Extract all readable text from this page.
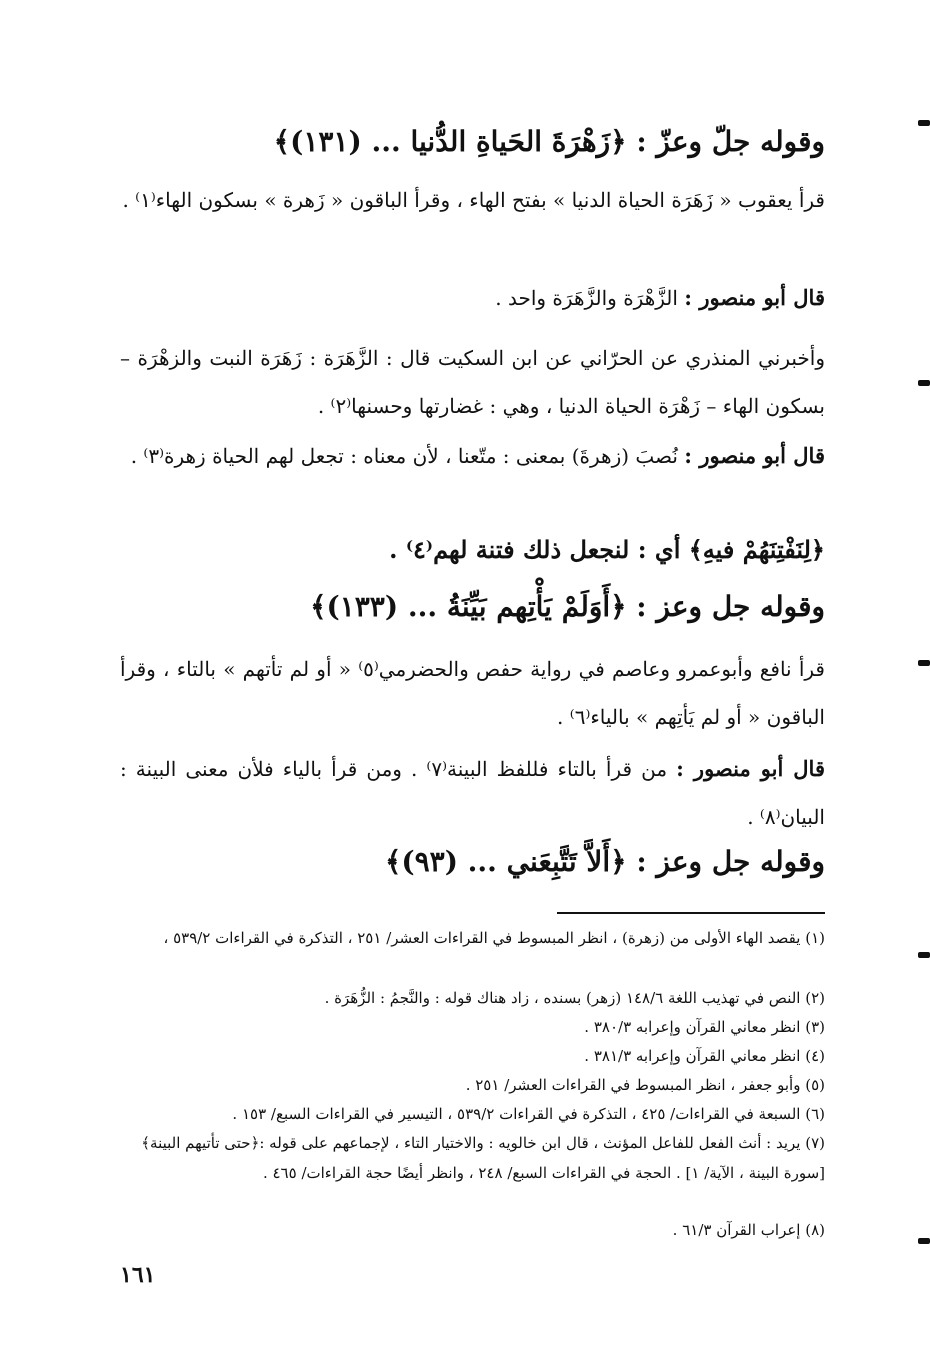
وقوله جلّ وعزّ : ﴿زَهْرَةَ الحَياةِ الدُّنيا ... (١٣١)﴾
قرأ يعقوب « زَهَرَة الحياة الدنيا » بفتح الهاء ، وقرأ الباقون « زَهرة » بسكون الهاء⁽١⁾ .
قال أبو منصور : الزَّهْرَة والزَّهَرَة واحد .
وأخبرني المنذري عن الحرّاني عن ابن السكيت قال : الزَّهَرَة : زَهَرَة النبت والزهْرَة – بسكون الهاء – زَهْرَة الحياة الدنيا ، وهي : غضارتها وحسنها⁽٢⁾ .
قال أبو منصور : نُصبَ (زهرةَ) بمعنى : متّعنا ، لأن معناه : تجعل لهم الحياة زهرة⁽٣⁾ .
﴿لِنَفْتِنَهُمْ فيهِ﴾ أي : لنجعل ذلك فتنة لهم⁽٤⁾ .
وقوله جل وعز : ﴿أَوَلَمْ يَأْتِهم بَيِّنَةُ ... (١٣٣)﴾
قرأ نافع وأبوعمرو وعاصم في رواية حفص والحضرمي⁽٥⁾ « أو لم تأتهم » بالتاء ، وقرأ الباقون « أو لم يَأتِهم » بالياء⁽٦⁾ .
قال أبو منصور : من قرأ بالتاء فللفظ البينة⁽٧⁾ . ومن قرأ بالياء فلأن معنى البينة : البيان⁽٨⁾ .
وقوله جل وعز : ﴿أَلاَّ تَتَّبِعَني ... (٩٣)﴾
(١) يقصد الهاء الأولى من (زهرة) ، انظر المبسوط في القراءات العشر/ ٢٥١ ، التذكرة في القراءات ٥٣٩/٢ ،
(٢) النص في تهذيب اللغة ١٤٨/٦ (زهر) بسنده ، زاد هناك قوله : والنَّجمُ : الزُّهَرَة .
(٣) انظر معاني القرآن وإعرابه ٣٨٠/٣ .
(٤) انظر معاني القرآن وإعرابه ٣٨١/٣ .
(٥) وأبو جعفر ، انظر المبسوط في القراءات العشر/ ٢٥١ .
(٦) السبعة في القراءات/ ٤٢٥ ، التذكرة في القراءات ٥٣٩/٢ ، التيسير في القراءات السبع/ ١٥٣ .
(٧) يريد : أنث الفعل للفاعل المؤنث ، قال ابن خالويه : والاختيار التاء ، لإجماعهم على قوله :﴿حتى تأتيهم البينة﴾ [سورة البينة ، الآية/ ١] . الحجة في القراءات السبع/ ٢٤٨ ، وانظر أيضًا حجة القراءات/ ٤٦٥ .
(٨) إعراب القرآن ٦١/٣ .
١٦١
